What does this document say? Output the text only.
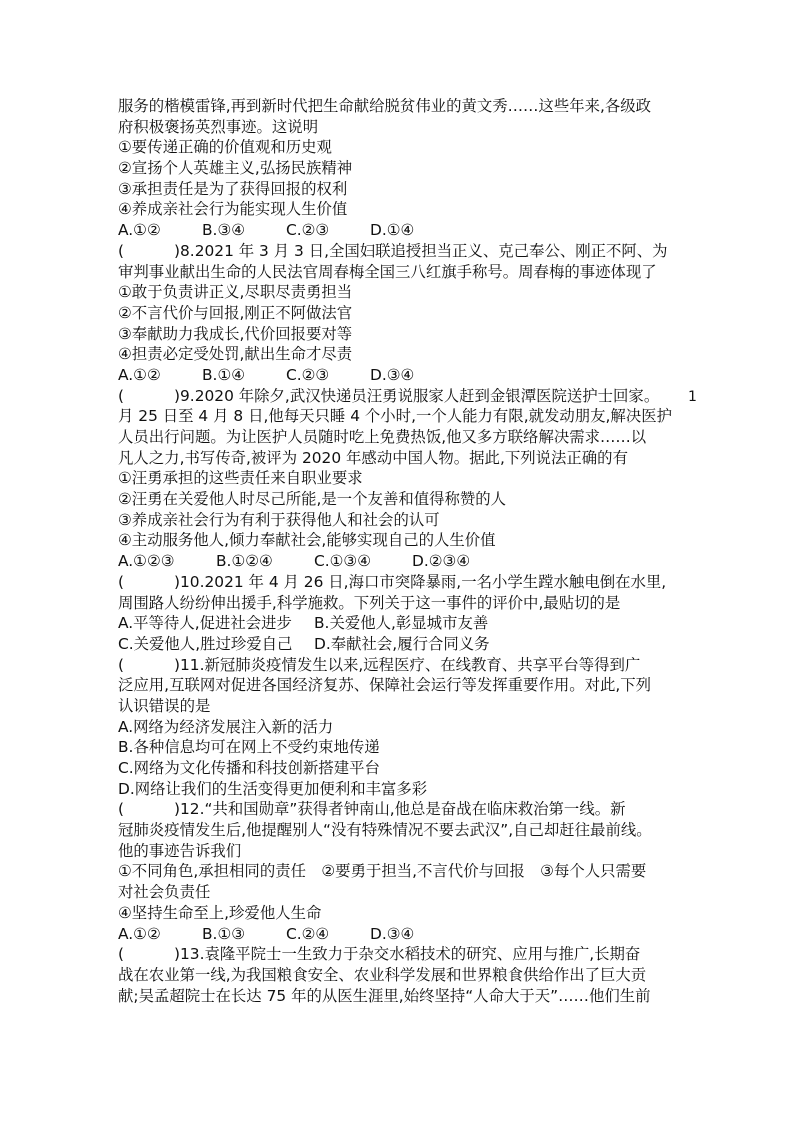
服务的楷模雷锋,再到新时代把生命献给脱贫伟业的黄文秀……这些年来,各级政
府积极褒扬英烈事迹。这说明
①要传递正确的价值观和历史观
②宣扬个人英雄主义,弘扬民族精神
③承担责任是为了获得回报的权利
④养成亲社会行为能实现人生价值
A.①②	B.③④	C.②③	D.①④
(	)8.2021 年 3 月 3 日,全国妇联追授担当正义、克己奉公、刚正不阿、为
审判事业献出生命的人民法官周春梅全国三八红旗手称号。周春梅的事迹体现了
①敢于负责讲正义,尽职尽责勇担当
②不言代价与回报,刚正不阿做法官
③奉献助力我成长,代价回报要对等
④担责必定受处罚,献出生命才尽责
A.①②	B.①④	C.②③	D.③④
(	)9.2020 年除夕,武汉快递员汪勇说服家人赶到金银潭医院送护士回家。
月 25 日至 4 月 8 日,他每天只睡 4 个小时,一个人能力有限,就发动朋友,解决医护
人员出行问题。为让医护人员随时吃上免费热饭,他又多方联络解决需求……以
凡人之力,书写传奇,被评为 2020 年感动中国人物。据此,下列说法正确的有
①汪勇承担的这些责任来自职业要求
②汪勇在关爱他人时尽己所能,是一个友善和值得称赞的人
③养成亲社会行为有利于获得他人和社会的认可
④主动服务他人,倾力奉献社会,能够实现自己的人生价值
A.①②③	B.①②④	C.①③④	D.②③④
(	)10.2021 年 4 月 26 日,海口市突降暴雨,一名小学生蹚水触电倒在水里,
周围路人纷纷伸出援手,科学施救。下列关于这一事件的评价中,最贴切的是
A.平等待人,促进社会进步 B.关爱他人,彰显城市友善
C.关爱他人,胜过珍爱自己 D.奉献社会,履行合同义务
(	)11.新冠肺炎疫情发生以来,远程医疗、在线教育、共享平台等得到广
泛应用,互联网对促进各国经济复苏、保障社会运行等发挥重要作用。对此,下列
认识错误的是
A.网络为经济发展注入新的活力
B.各种信息均可在网上不受约束地传递
C.网络为文化传播和科技创新搭建平台
D.网络让我们的生活变得更加便利和丰富多彩
(	)12.“共和国勋章”获得者钟南山,他总是奋战在临床救治第一线。新
冠肺炎疫情发生后,他提醒别人“没有特殊情况不要去武汉”,自己却赶往最前线。
他的事迹告诉我们
①不同角色,承担相同的责任　②要勇于担当,不言代价与回报　③每个人只需要
对社会负责任
④坚持生命至上,珍爱他人生命
A.①②	B.①③	C.②④	D.③④
(	)13.袁隆平院士一生致力于杂交水稻技术的研究、应用与推广,长期奋
战在农业第一线,为我国粮食安全、农业科学发展和世界粮食供给作出了巨大贡
献;吴孟超院士在长达 75 年的从医生涯里,始终坚持“人命大于天”……他们生前
1
